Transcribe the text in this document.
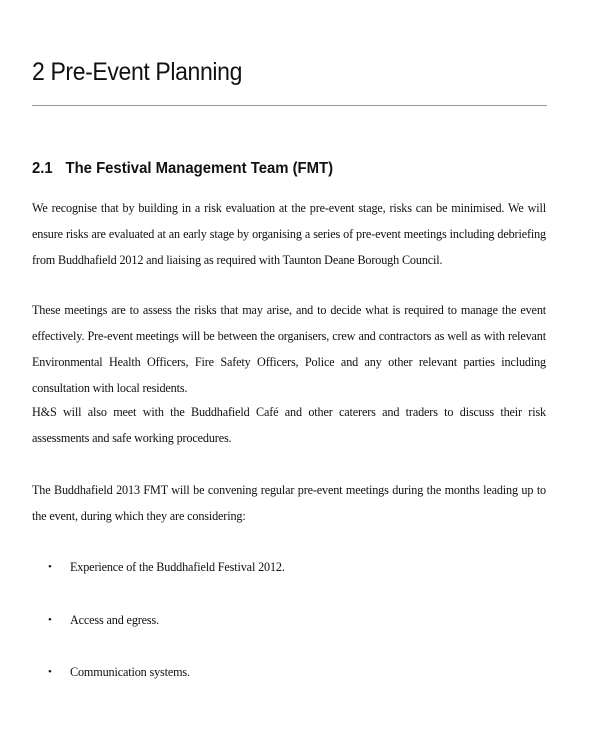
2 Pre-Event Planning
2.1 The Festival Management Team (FMT)

We recognise that by building in a risk evaluation at the pre-event stage, risks can be minimised. We will ensure risks are evaluated at an early stage by organising a series of pre-event meetings including debriefing from Buddhafield 2012 and liaising as required with Taunton Deane Borough Council.

These meetings are to assess the risks that may arise, and to decide what is required to manage the event effectively. Pre-event meetings will be between the organisers, crew and contractors as well as with relevant Environmental Health Officers, Fire Safety Officers, Police and any other relevant parties including consultation with local residents.

H&S will also meet with the Buddhafield Café and other caterers and traders to discuss their risk assessments and safe working procedures.

The Buddhafield 2013 FMT will be convening regular pre-event meetings during the months leading up to the event, during which they are considering:

• Experience of the Buddhafield Festival 2012.
• Access and egress.
• Communication systems.
